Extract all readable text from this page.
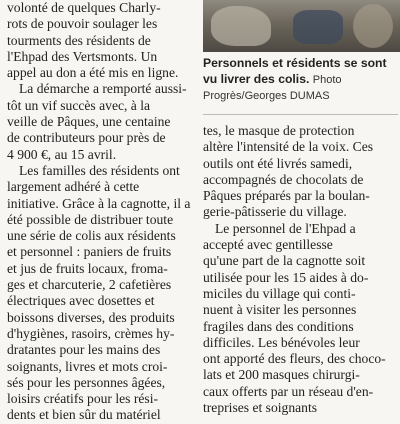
Personnels et résidents se sont vu livrer des colis. Photo Progrès/Georges DUMAS
volonté de quelques Charly-
rots de pouvoir soulager les
tourments des résidents de
l'Ehpad des Vertsmonts. Un
appel au don a été mis en ligne.
La démarche a remporté aussi-
tôt un vif succès avec, à la
veille de Pâques, une centaine
de contributeurs pour près de
4 900 €, au 15 avril.
Les familles des résidents ont
largement adhéré à cette
initiative. Grâce à la cagnotte, il a
été possible de distribuer toute
une série de colis aux résidents
et personnel : paniers de fruits
et jus de fruits locaux, froma-
ges et charcuterie, 2 cafetières
électriques avec dosettes et
boissons diverses, des produits
d'hygiènes, rasoirs, crèmes hy-
dratantes pour les mains des
soignants, livres et mots croi-
sés pour les personnes âgées,
loisirs créatifs pour les rési-
dents et bien sûr du matériel
tes, le masque de protection
altère l'intensité de la voix. Ces
outils ont été livrés samedi,
accompagnés de chocolats de
Pâques préparés par la boulan-
gerie-pâtisserie du village.
Le personnel de l'Ehpad a
accepté avec gentillesse
qu'une part de la cagnotte soit
utilisée pour les 15 aides à do-
miciles du village qui conti-
nuent à visiter les personnes
fragiles dans des conditions
difficiles. Les bénévoles leur
ont apporté des fleurs, des choco-
lats et 200 masques chirurgi-
caux offerts par un réseau d'en-
treprises et soignants
